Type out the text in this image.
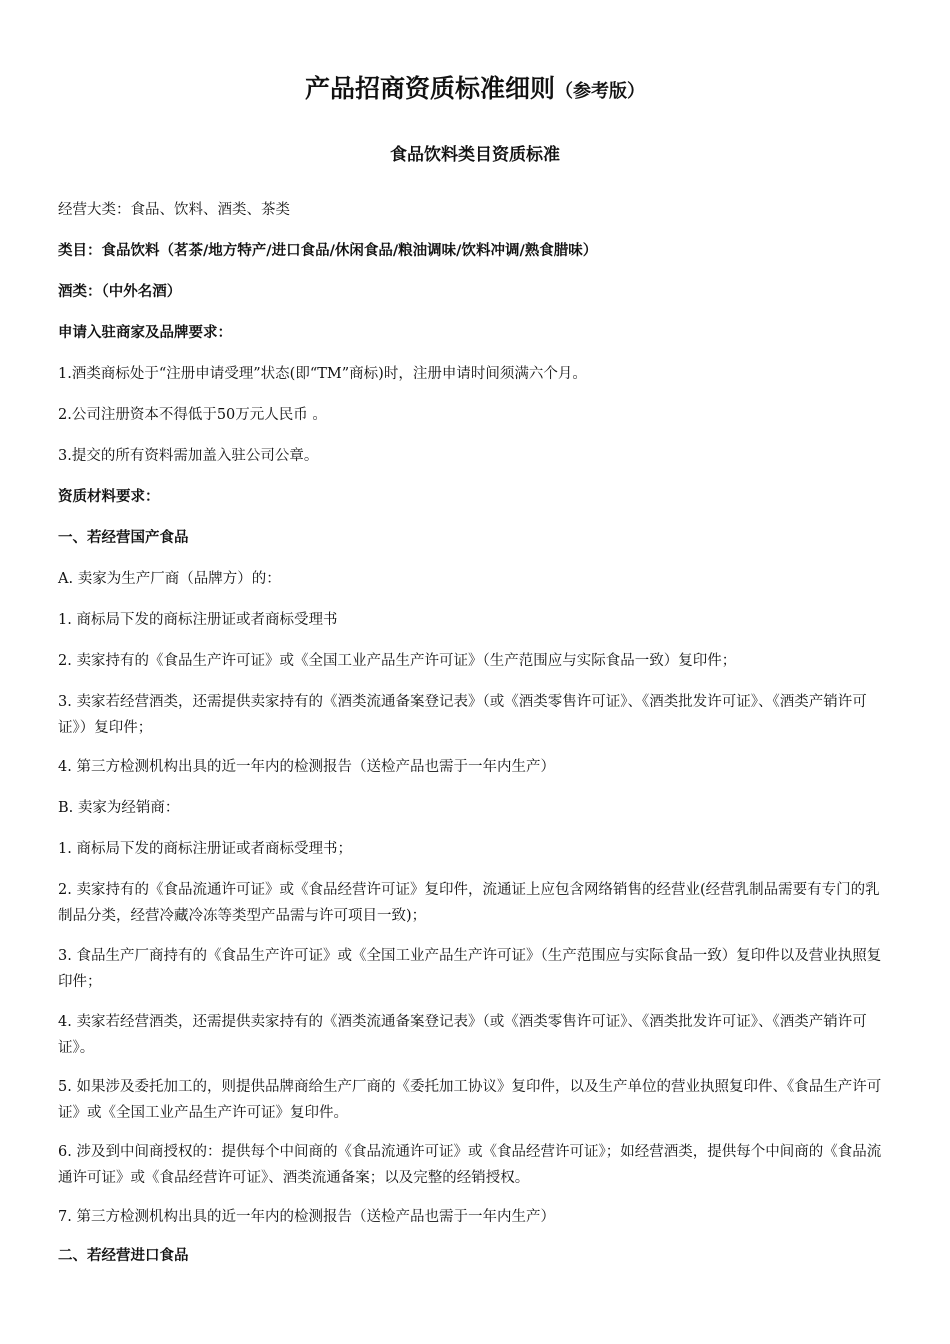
产品招商资质标准细则（参考版）
食品饮料类目资质标准

经营大类：食品、饮料、酒类、茶类

类目：食品饮料（茗茶/地方特产/进口食品/休闲食品/粮油调味/饮料冲调/熟食腊味）

酒类：（中外名酒）

申请入驻商家及品牌要求：

1.酒类商标处于“注册申请受理”状态(即“TM”商标)时，注册申请时间须满六个月。

2.公司注册资本不得低于50万元人民币 。

3.提交的所有资料需加盖入驻公司公章。

资质材料要求：

一、若经营国产食品

A. 卖家为生产厂商（品牌方）的：

1. 商标局下发的商标注册证或者商标受理书

2. 卖家持有的《食品生产许可证》或《全国工业产品生产许可证》（生产范围应与实际食品一致）复印件；

3. 卖家若经营酒类，还需提供卖家持有的《酒类流通备案登记表》（或《酒类零售许可证》、《酒类批发许可证》、《酒类产销许可证》）复印件；

4. 第三方检测机构出具的近一年内的检测报告（送检产品也需于一年内生产）

B. 卖家为经销商：

1. 商标局下发的商标注册证或者商标受理书；

2. 卖家持有的《食品流通许可证》或《食品经营许可证》复印件，流通证上应包含网络销售的经营业(经营乳制品需要有专门的乳制品分类，经营冷藏冷冻等类型产品需与许可项目一致)；

3. 食品生产厂商持有的《食品生产许可证》或《全国工业产品生产许可证》（生产范围应与实际食品一致）复印件以及营业执照复印件；

4. 卖家若经营酒类，还需提供卖家持有的《酒类流通备案登记表》（或《酒类零售许可证》、《酒类批发许可证》、《酒类产销许可证》。

5. 如果涉及委托加工的，则提供品牌商给生产厂商的《委托加工协议》复印件，以及生产单位的营业执照复印件、《食品生产许可证》或《全国工业产品生产许可证》复印件。

6. 涉及到中间商授权的：提供每个中间商的《食品流通许可证》或《食品经营许可证》；如经营酒类，提供每个中间商的《食品流通许可证》或《食品经营许可证》、酒类流通备案；以及完整的经销授权。

7. 第三方检测机构出具的近一年内的检测报告（送检产品也需于一年内生产）

二、若经营进口食品
